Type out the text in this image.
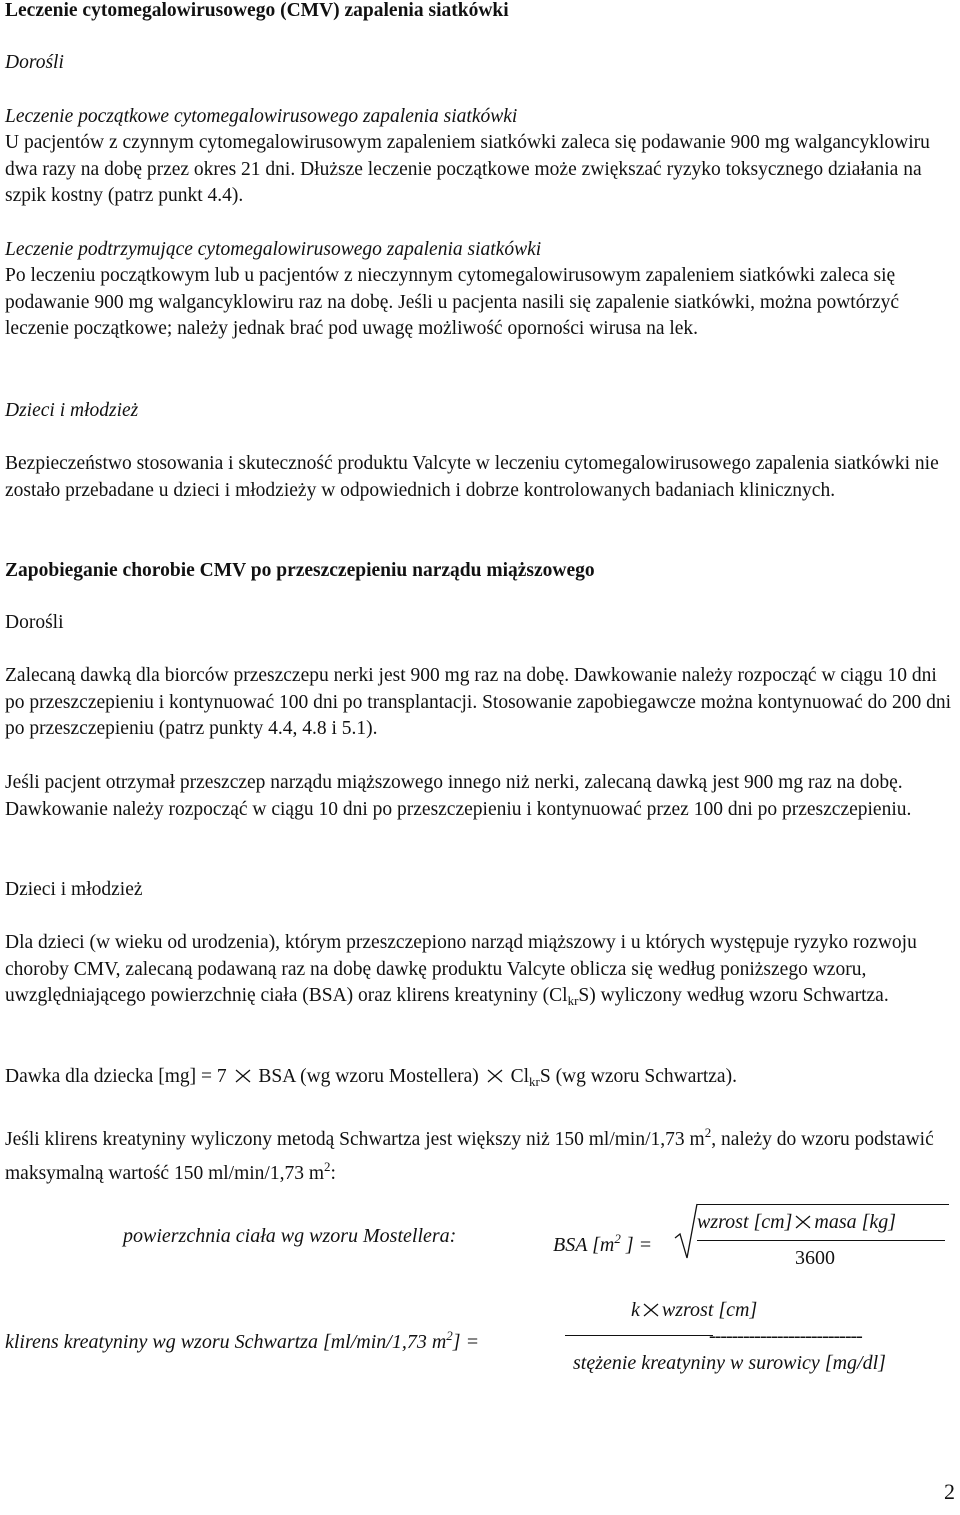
Leczenie cytomegalowirusowego (CMV) zapalenia siatkówki

Dorośli

Leczenie początkowe cytomegalowirusowego zapalenia siatkówki

U pacjentów z czynnym cytomegalowirusowym zapaleniem siatkówki zaleca się podawanie 900 mg walgancyklowiru dwa razy na dobę przez okres 21 dni. Dłuższe leczenie początkowe może zwiększać ryzyko toksycznego działania na szpik kostny (patrz punkt 4.4).

Leczenie podtrzymujące cytomegalowirusowego zapalenia siatkówki

Po leczeniu początkowym lub u pacjentów z nieczynnym cytomegalowirusowym zapaleniem siatkówki zaleca się podawanie 900 mg walgancyklowiru raz na dobę. Jeśli u pacjenta nasili się zapalenie siatkówki, można powtórzyć leczenie początkowe; należy jednak brać pod uwagę możliwość oporności wirusa na lek.

Dzieci i młodzież

Bezpieczeństwo stosowania i skuteczność produktu Valcyte w leczeniu cytomegalowirusowego zapalenia siatkówki nie zostało przebadane u dzieci i młodzieży w odpowiednich i dobrze kontrolowanych badaniach klinicznych.

Zapobieganie chorobie CMV po przeszczepieniu narządu miąższowego

Dorośli

Zalecaną dawką dla biorców przeszczepu nerki jest 900 mg raz na dobę. Dawkowanie należy rozpocząć w ciągu 10 dni po przeszczepieniu i kontynuować 100 dni po transplantacji. Stosowanie zapobiegawcze można kontynuować do 200 dni po przeszczepieniu (patrz punkty 4.4, 4.8 i 5.1).

Jeśli pacjent otrzymał przeszczep narządu miąższowego innego niż nerki, zalecaną dawką jest 900 mg raz na dobę. Dawkowanie należy rozpocząć w ciągu 10 dni po przeszczepieniu i kontynuować przez 100 dni po przeszczepieniu.

Dzieci i młodzież

Dla dzieci (w wieku od urodzenia), którym przeszczepiono narząd miąższowy i u których występuje ryzyko rozwoju choroby CMV, zalecaną podawaną raz na dobę dawkę produktu Valcyte oblicza się według poniższego wzoru, uwzględniającego powierzchnię ciała (BSA) oraz klirens kreatyniny $(Cl_{kr}S)$ wyliczony według wzoru Schwartza.

Dawka dla dziecka [mg] = 7
BSA (wg wzoru Mostellera)
$Cl_{kr}S$ (wg wzoru Schwartza).

Jeśli klirens kreatyniny wyliczony metodą Schwartza jest większy niż 150 ml/min/1,73 $m^2$, należy do wzoru podstawić maksymalną wartość 150 ml/min/1,73 $m^2$:

powierzchnia ciała wg wzoru Mostellera:	BSA [$m^2$ ] =
wzrost [cm] masa [kg]
3600
k wzrost [cm]
klirens kreatyniny wg wzoru Schwartza [ml/min/1,73 $m^2$] =	---------------------------
stężenie kreatyniny w surowicy [mg/dl]
2
